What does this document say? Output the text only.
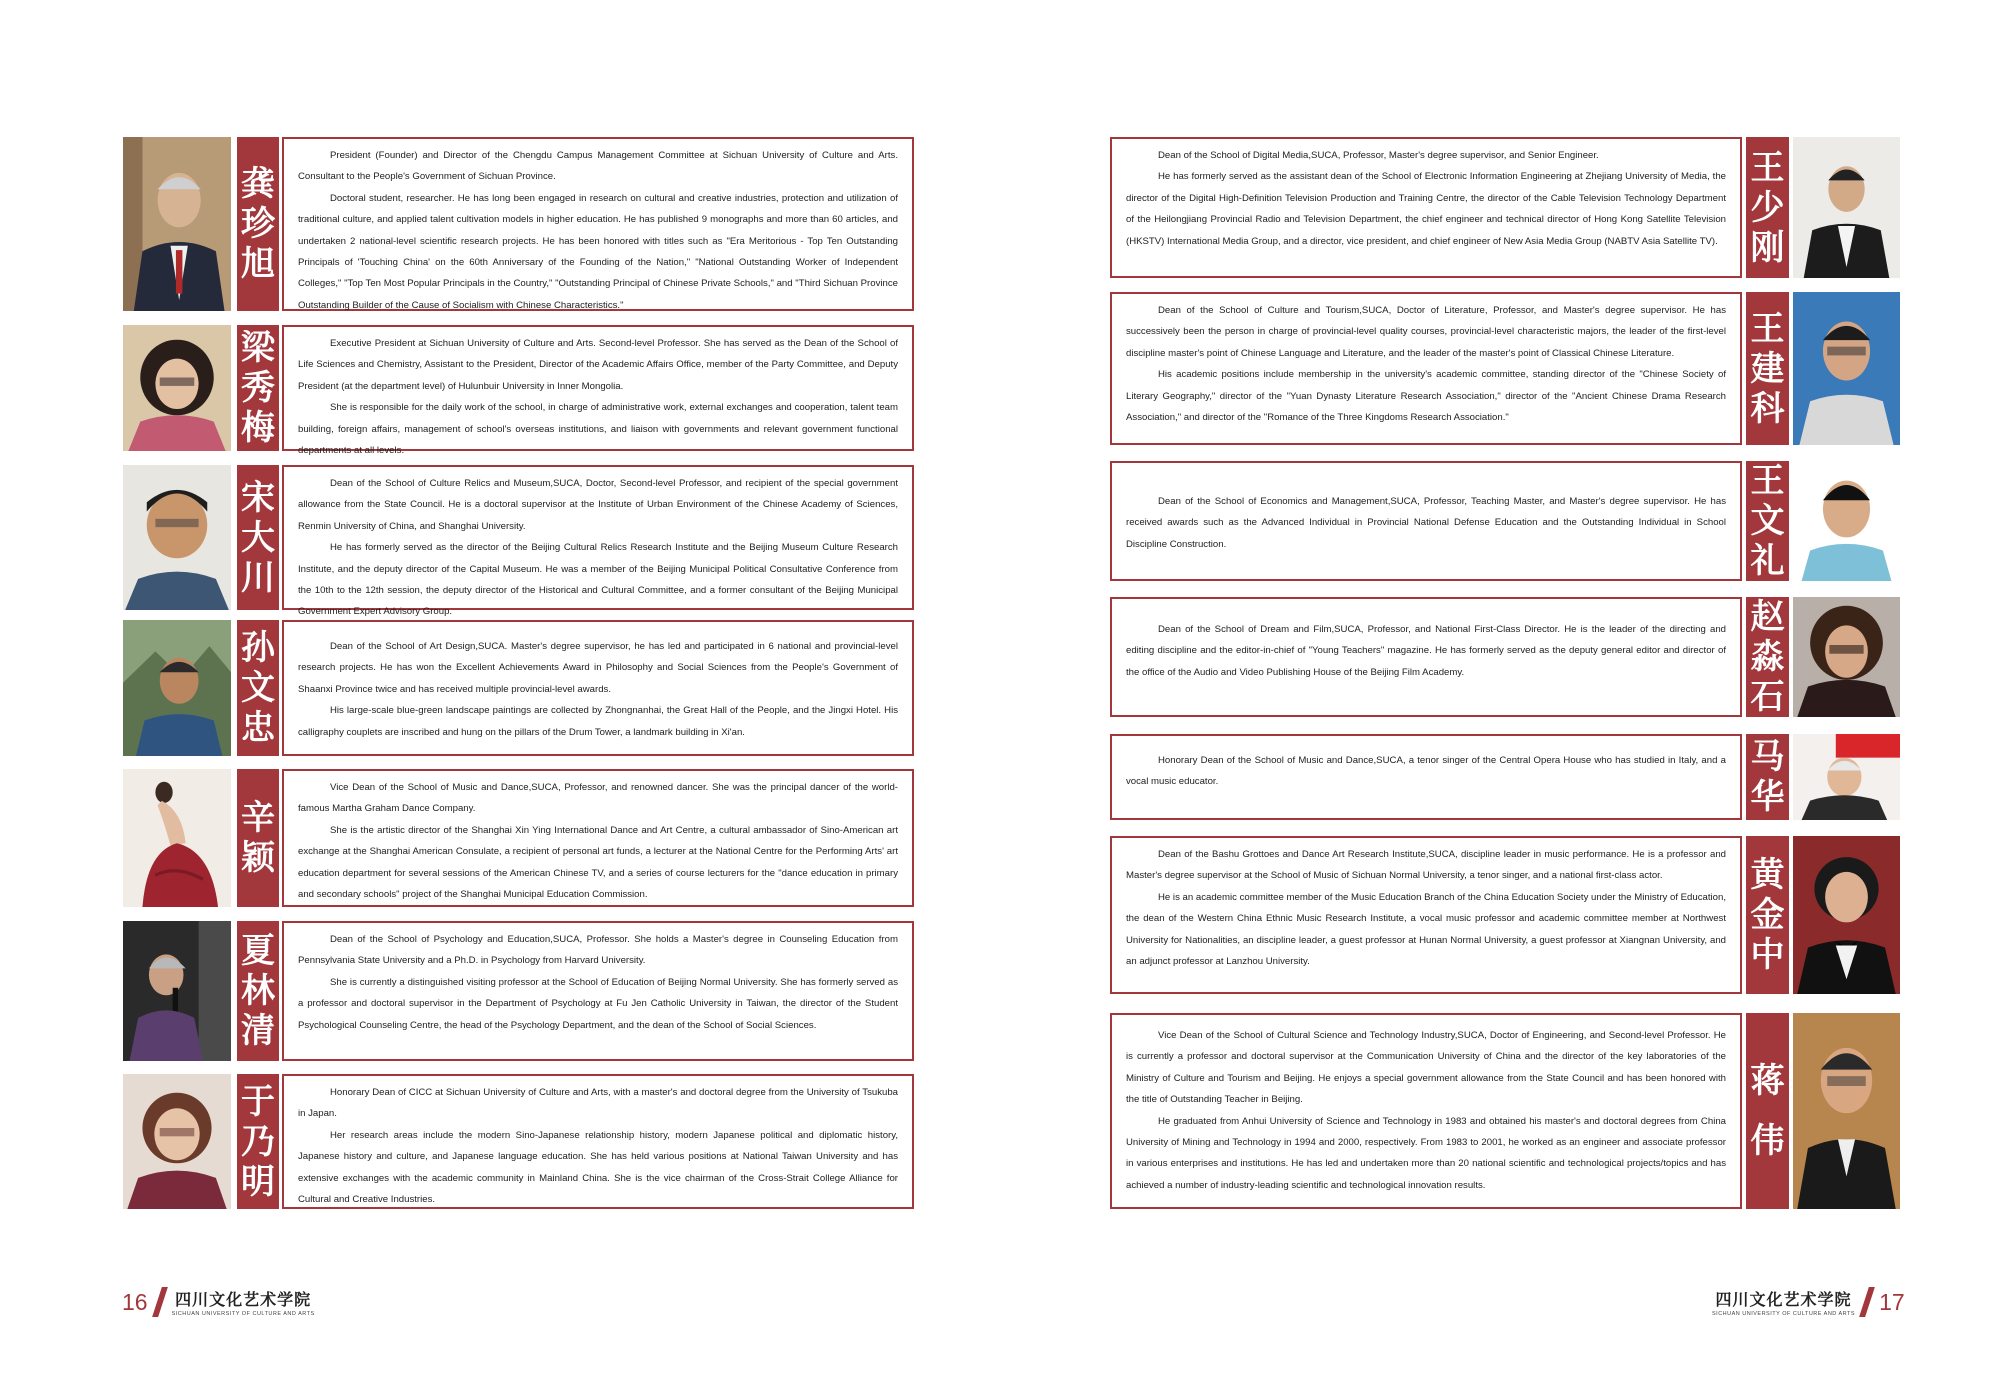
龚
珍
旭

President (Founder) and Director of the Chengdu Campus Management Committee at Sichuan University of Culture and Arts. Consultant to the People's Government of Sichuan Province.

Doctoral student, researcher. He has long been engaged in research on cultural and creative industries, protection and utilization of traditional culture, and applied talent cultivation models in higher education. He has published 9 monographs and more than 60 articles, and undertaken 2 national-level scientific research projects. He has been honored with titles such as "Era Meritorious - Top Ten Outstanding Principals of 'Touching China' on the 60th Anniversary of the Founding of the Nation," "National Outstanding Worker of Independent Colleges," "Top Ten Most Popular Principals in the Country," "Outstanding Principal of Chinese Private Schools," and "Third Sichuan Province Outstanding Builder of the Cause of Socialism with Chinese Characteristics."

梁
秀
梅

Executive President at Sichuan University of Culture and Arts. Second-level Professor. She has served as the Dean of the School of Life Sciences and Chemistry, Assistant to the President, Director of the Academic Affairs Office, member of the Party Committee, and Deputy President (at the department level) of Hulunbuir University in Inner Mongolia.

She is responsible for the daily work of the school, in charge of administrative work, external exchanges and cooperation, talent team building, foreign affairs, management of school's overseas institutions, and liaison with governments and relevant government functional departments at all levels.

宋
大
川

Dean of the School of Culture Relics and Museum,SUCA, Doctor, Second-level Professor, and recipient of the special government allowance from the State Council. He is a doctoral supervisor at the Institute of Urban Environment of the Chinese Academy of Sciences, Renmin University of China, and Shanghai University.

He has formerly served as the director of the Beijing Cultural Relics Research Institute and the Beijing Museum Culture Research Institute, and the deputy director of the Capital Museum. He was a member of the Beijing Municipal Political Consultative Conference from the 10th to the 12th session, the deputy director of the Historical and Cultural Committee, and a former consultant of the Beijing Municipal Government Expert Advisory Group.

孙
文
忠

Dean of the School of Art Design,SUCA. Master's degree supervisor, he has led and participated in 6 national and provincial-level research projects. He has won the Excellent Achievements Award in Philosophy and Social Sciences from the People's Government of Shaanxi Province twice and has received multiple provincial-level awards.

His large-scale blue-green landscape paintings are collected by Zhongnanhai, the Great Hall of the People, and the Jingxi Hotel. His calligraphy couplets are inscribed and hung on the pillars of the Drum Tower, a landmark building in Xi'an.

辛
颖

Vice Dean of the School of Music and Dance,SUCA, Professor, and renowned dancer. She was the principal dancer of the world-famous Martha Graham Dance Company.

She is the artistic director of the Shanghai Xin Ying International Dance and Art Centre, a cultural ambassador of Sino-American art exchange at the Shanghai American Consulate, a recipient of personal art funds, a lecturer at the National Centre for the Performing Arts' art education department for several sessions of the American Chinese TV, and a series of course lecturers for the "dance education in primary and secondary schools" project of the Shanghai Municipal Education Commission.

夏
林
清

Dean of the School of Psychology and Education,SUCA, Professor. She holds a Master's degree in Counseling Education from Pennsylvania State University and a Ph.D. in Psychology from Harvard University.

She is currently a distinguished visiting professor at the School of Education of Beijing Normal University. She has formerly served as a professor and doctoral supervisor in the Department of Psychology at Fu Jen Catholic University in Taiwan, the director of the Student Psychological Counseling Centre, the head of the Psychology Department, and the dean of the School of Social Sciences.

于
乃
明

Honorary Dean of CICC at Sichuan University of Culture and Arts, with a master's and doctoral degree from the University of Tsukuba in Japan.

Her research areas include the modern Sino-Japanese relationship history, modern Japanese political and diplomatic history, Japanese history and culture, and Japanese language education. She has held various positions at National Taiwan University and has extensive exchanges with the academic community in Mainland China. She is the vice chairman of the Cross-Strait College Alliance for Cultural and Creative Industries.

16 四川文化艺术学院
SICHUAN UNIVERSITY OF CULTURE AND ARTS

Dean of the School of Digital Media,SUCA, Professor, Master's degree supervisor, and Senior Engineer.

He has formerly served as the assistant dean of the School of Electronic Information Engineering at Zhejiang University of Media, the director of the Digital High-Definition Television Production and Training Centre, the director of the Cable Television Technology Department of the Heilongjiang Provincial Radio and Television Department, the chief engineer and technical director of Hong Kong Satellite Television (HKSTV) International Media Group, and a director, vice president, and chief engineer of New Asia Media Group (NABTV Asia Satellite TV).

王
少
刚

Dean of the School of Culture and Tourism,SUCA, Doctor of Literature, Professor, and Master's degree supervisor. He has successively been the person in charge of provincial-level quality courses, provincial-level characteristic majors, the leader of the first-level discipline master's point of Chinese Language and Literature, and the leader of the master's point of Classical Chinese Literature.

His academic positions include membership in the university's academic committee, standing director of the "Chinese Society of Literary Geography," director of the "Yuan Dynasty Literature Research Association," director of the "Ancient Chinese Drama Research Association," and director of the "Romance of the Three Kingdoms Research Association."

王
建
科

Dean of the School of Economics and Management,SUCA, Professor, Teaching Master, and Master's degree supervisor. He has received awards such as the Advanced Individual in Provincial National Defense Education and the Outstanding Individual in School Discipline Construction.

王
文
礼

Dean of the School of Dream and Film,SUCA, Professor, and National First-Class Director. He is the leader of the directing and editing discipline and the editor-in-chief of "Young Teachers" magazine. He has formerly served as the deputy general editor and director of the office of the Audio and Video Publishing House of the Beijing Film Academy.

赵
淼
石

Honorary Dean of the School of Music and Dance,SUCA, a tenor singer of the Central Opera House who has studied in Italy, and a vocal music educator.

马
华

Dean of the Bashu Grottoes and Dance Art Research Institute,SUCA, discipline leader in music performance. He is a professor and Master's degree supervisor at the School of Music of Sichuan Normal University, a tenor singer, and a national first-class actor.

He is an academic committee member of the Music Education Branch of the China Education Society under the Ministry of Education, the dean of the Western China Ethnic Music Research Institute, a vocal music professor and academic committee member at Northwest University for Nationalities, an discipline leader, a guest professor at Hunan Normal University, a guest professor at Xiangnan University, and an adjunct professor at Lanzhou University.

黄
金
中

Vice Dean of the School of Cultural Science and Technology Industry,SUCA, Doctor of Engineering, and Second-level Professor. He is currently a professor and doctoral supervisor at the Communication University of China and the director of the key laboratories of the Ministry of Culture and Tourism and Beijing. He enjoys a special government allowance from the State Council and has been honored with the title of Outstanding Teacher in Beijing.

He graduated from Anhui University of Science and Technology in 1983 and obtained his master's and doctoral degrees from China University of Mining and Technology in 1994 and 2000, respectively. From 1983 to 2001, he worked as an engineer and associate professor in various enterprises and institutions. He has led and undertaken more than 20 national scientific and technological projects/topics and has achieved a number of industry-leading scientific and technological innovation results.

蒋
伟
四川文化艺术学院
SICHUAN UNIVERSITY OF CULTURE AND ARTS 17
